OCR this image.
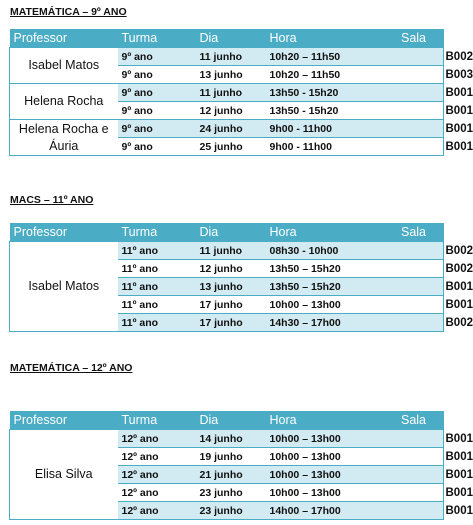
MATEMÁTICA – 9º ANO
Professor	Turma	Dia	Hora	Sala
Isabel Matos	9º ano	11 junho	10h20 – 11h50	B002
	9º ano	13 junho	10h20 – 11h50	B003
Helena Rocha	9º ano	11 junho	13h50 - 15h20	B001
	9º ano	12 junho	13h50 - 15h20	B001
Helena Rocha e Áuria	9º ano	24 junho	9h00 - 11h00	B001
	9º ano	25 junho	9h00 - 11h00	B001
MACS – 11º ANO
Professor	Turma	Dia	Hora	Sala
Isabel Matos	11º ano	11 junho	08h30 - 10h00	B002
	11º ano	12 junho	13h50 – 15h20	B002
	11º ano	13 junho	13h50 – 15h20	B001
	11º ano	17 junho	10h00 – 13h00	B001
	11º ano	17 junho	14h30 – 17h00	B002
MATEMÁTICA – 12º ANO
Professor	Turma	Dia	Hora	Sala
Elisa Silva	12º ano	14 junho	10h00 – 13h00	B001
	12º ano	19 junho	10h00 – 13h00	B001
	12º ano	21 junho	10h00 – 13h00	B001
	12º ano	23 junho	10h00 – 13h00	B001
	12º ano	23 junho	14h00 – 17h00	B001
